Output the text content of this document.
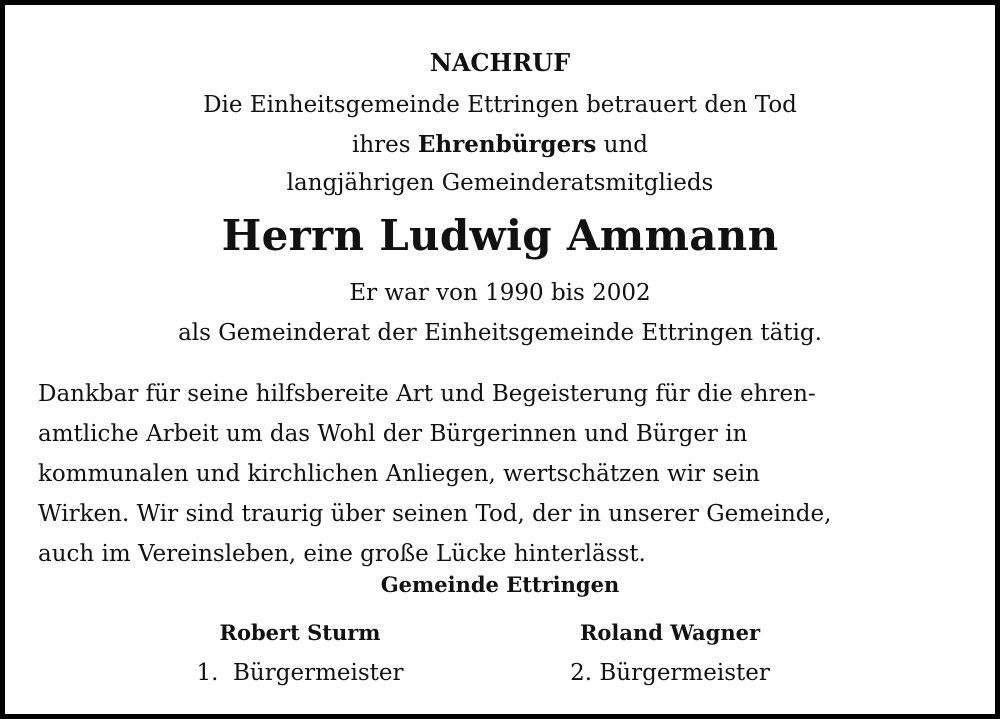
NACHRUF
Die Einheitsgemeinde Ettringen betrauert den Tod
ihres Ehrenbürgers und
langjährigen Gemeinderatsmitglieds
Herrn Ludwig Ammann
Er war von 1990 bis 2002
als Gemeinderat der Einheitsgemeinde Ettringen tätig.
Dankbar für seine hilfsbereite Art und Begeisterung für die ehren-
amtliche Arbeit um das Wohl der Bürgerinnen und Bürger in
kommunalen und kirchlichen Anliegen, wertschätzen wir sein
Wirken. Wir sind traurig über seinen Tod, der in unserer Gemeinde,
auch im Vereinsleben, eine große Lücke hinterlässt.
Gemeinde Ettringen
Robert Sturm
1.  Bürgermeister
Roland Wagner
2. Bürgermeister
